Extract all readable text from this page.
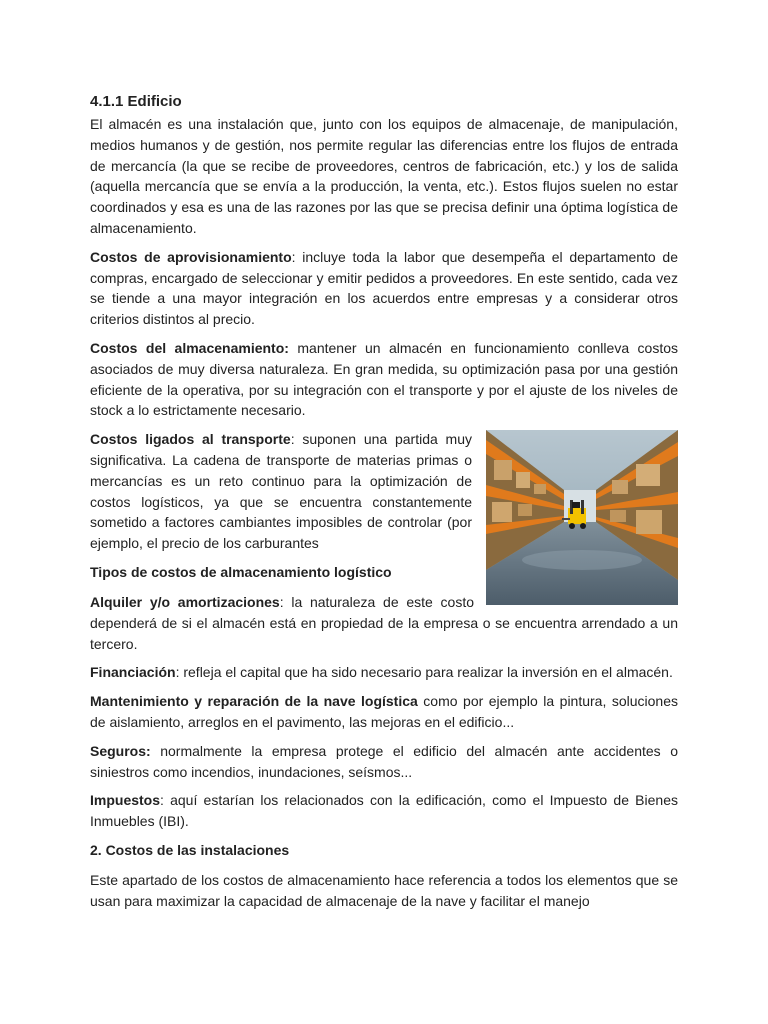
4.1.1 Edificio

El almacén es una instalación que, junto con los equipos de almacenaje, de manipulación, medios humanos y de gestión, nos permite regular las diferencias entre los flujos de entrada de mercancía (la que se recibe de proveedores, centros de fabricación, etc.) y los de salida (aquella mercancía que se envía a la producción, la venta, etc.). Estos flujos suelen no estar coordinados y esa es una de las razones por las que se precisa definir una óptima logística de almacenamiento.

Costos de aprovisionamiento: incluye toda la labor que desempeña el departamento de compras, encargado de seleccionar y emitir pedidos a proveedores. En este sentido, cada vez se tiende a una mayor integración en los acuerdos entre empresas y a considerar otros criterios distintos al precio.

Costos del almacenamiento: mantener un almacén en funcionamiento conlleva costos asociados de muy diversa naturaleza. En gran medida, su optimización pasa por una gestión eficiente de la operativa, por su integración con el transporte y por el ajuste de los niveles de stock a lo estrictamente necesario.

Costos ligados al transporte: suponen una partida muy significativa. La cadena de transporte de materias primas o mercancías es un reto continuo para la optimización de costos logísticos, ya que se encuentra constantemente sometido a factores cambiantes imposibles de controlar (por ejemplo, el precio de los carburantes

Tipos de costos de almacenamiento logístico

Alquiler y/o amortizaciones: la naturaleza de este costo dependerá de si el almacén está en propiedad de la empresa o se encuentra arrendado a un tercero.

Financiación: refleja el capital que ha sido necesario para realizar la inversión en el almacén.

Mantenimiento y reparación de la nave logística como por ejemplo la pintura, soluciones de aislamiento, arreglos en el pavimento, las mejoras en el edificio...

Seguros: normalmente la empresa protege el edificio del almacén ante accidentes o siniestros como incendios, inundaciones, seísmos...

Impuestos: aquí estarían los relacionados con la edificación, como el Impuesto de Bienes Inmuebles (IBI).

2. Costos de las instalaciones

Este apartado de los costos de almacenamiento hace referencia a todos los elementos que se usan para maximizar la capacidad de almacenaje de la nave y facilitar el manejo
